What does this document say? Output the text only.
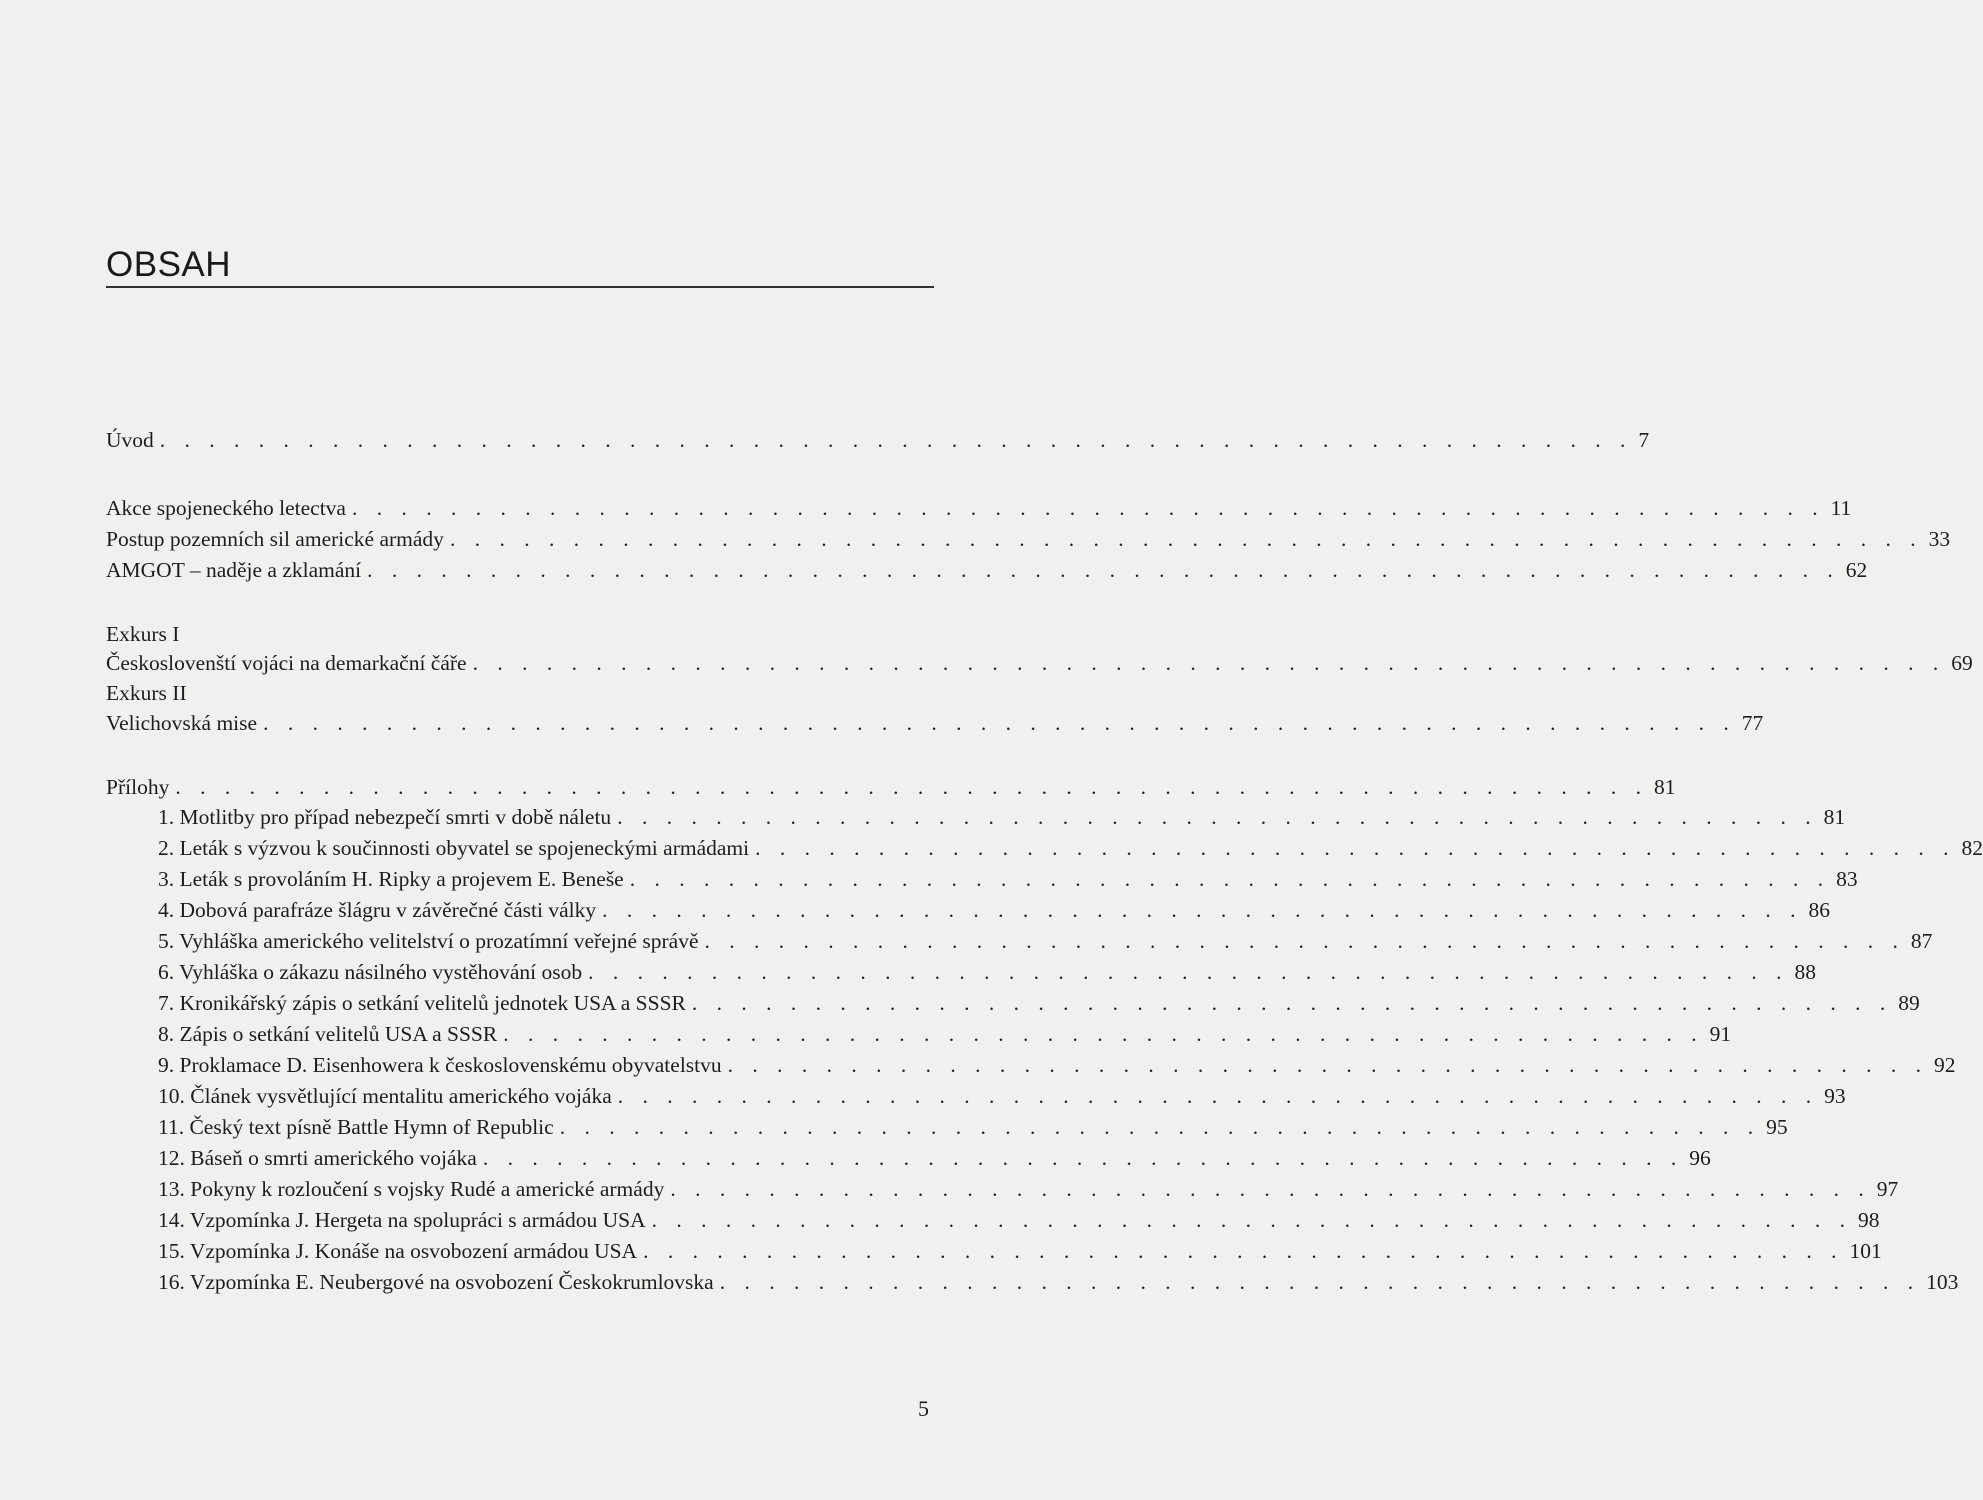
OBSAH
Úvod . . . . . . . . . . . . . . . . . . . . . . . . . . . . . . . . . . . . . . . . . . . . . . . . . . . . . . . . . . . . 7
Akce spojeneckého letectva . . . . . . . . . . . . . . . . . . . . . . . . . . . . . . . . . . . . . . . . . . . . . . . . . . . . . . . . . . . . 11
Postup pozemních sil americké armády . . . . . . . . . . . . . . . . . . . . . . . . . . . . . . . . . . . . . . . . . . . . . . . . . . . . . . . . . . . . 33
AMGOT – naděje a zklamání . . . . . . . . . . . . . . . . . . . . . . . . . . . . . . . . . . . . . . . . . . . . . . . . . . . . . . . . . . . . 62
Exkurs I
Českoslovenští vojáci na demarkační čáře . . . . . . . . . . . . . . . . . . . . . . . . . . . . . . . . . . . . . . . . . . . . . . . . . . . . . . . . . . . . 69
Exkurs II
Velichovská mise . . . . . . . . . . . . . . . . . . . . . . . . . . . . . . . . . . . . . . . . . . . . . . . . . . . . . . . . . . . . 77
Přílohy . . . . . . . . . . . . . . . . . . . . . . . . . . . . . . . . . . . . . . . . . . . . . . . . . . . . . . . . . . . . 81
1. Motlitby pro případ nebezpečí smrti v době náletu . . . . . . . . . . . . . . . . . . . . . . . . . . . . . . . . . . . . . . . . . . . . . . . . . 81
2. Leták s výzvou k součinnosti obyvatel se spojeneckými armádami . . . . . . . . . . . . . . . . . . . . . . . . . . . . . . . . . . . . . . . . . . . . . . . . . 82
3. Leták s provoláním H. Ripky a projevem E. Beneše . . . . . . . . . . . . . . . . . . . . . . . . . . . . . . . . . . . . . . . . . . . . . . . . . 83
4. Dobová parafráze šlágru v závěrečné části války . . . . . . . . . . . . . . . . . . . . . . . . . . . . . . . . . . . . . . . . . . . . . . . . . 86
5. Vyhláška amerického velitelství o prozatímní veřejné správě . . . . . . . . . . . . . . . . . . . . . . . . . . . . . . . . . . . . . . . . . . . . . . . . . 87
6. Vyhláška o zákazu násilného vystěhování osob . . . . . . . . . . . . . . . . . . . . . . . . . . . . . . . . . . . . . . . . . . . . . . . . . 88
7. Kronikářský zápis o setkání velitelů jednotek USA a SSSR . . . . . . . . . . . . . . . . . . . . . . . . . . . . . . . . . . . . . . . . . . . . . . . . . 89
8. Zápis o setkání velitelů USA a SSSR . . . . . . . . . . . . . . . . . . . . . . . . . . . . . . . . . . . . . . . . . . . . . . . . . 91
9. Proklamace D. Eisenhowera k československému obyvatelstvu . . . . . . . . . . . . . . . . . . . . . . . . . . . . . . . . . . . . . . . . . . . . . . . . . 92
10. Článek vysvětlující mentalitu amerického vojáka . . . . . . . . . . . . . . . . . . . . . . . . . . . . . . . . . . . . . . . . . . . . . . . . . 93
11. Český text písně Battle Hymn of Republic . . . . . . . . . . . . . . . . . . . . . . . . . . . . . . . . . . . . . . . . . . . . . . . . . 95
12. Báseň o smrti amerického vojáka . . . . . . . . . . . . . . . . . . . . . . . . . . . . . . . . . . . . . . . . . . . . . . . . . 96
13. Pokyny k rozloučení s vojsky Rudé a americké armády . . . . . . . . . . . . . . . . . . . . . . . . . . . . . . . . . . . . . . . . . . . . . . . . . 97
14. Vzpomínka J. Hergeta na spolupráci s armádou USA . . . . . . . . . . . . . . . . . . . . . . . . . . . . . . . . . . . . . . . . . . . . . . . . . 98
15. Vzpomínka J. Konáše na osvobození armádou USA . . . . . . . . . . . . . . . . . . . . . . . . . . . . . . . . . . . . . . . . . . . . . . . . . 101
16. Vzpomínka E. Neubergové na osvobození Českokrumlovska . . . . . . . . . . . . . . . . . . . . . . . . . . . . . . . . . . . . . . . . . . . . . . . . . 103
5
